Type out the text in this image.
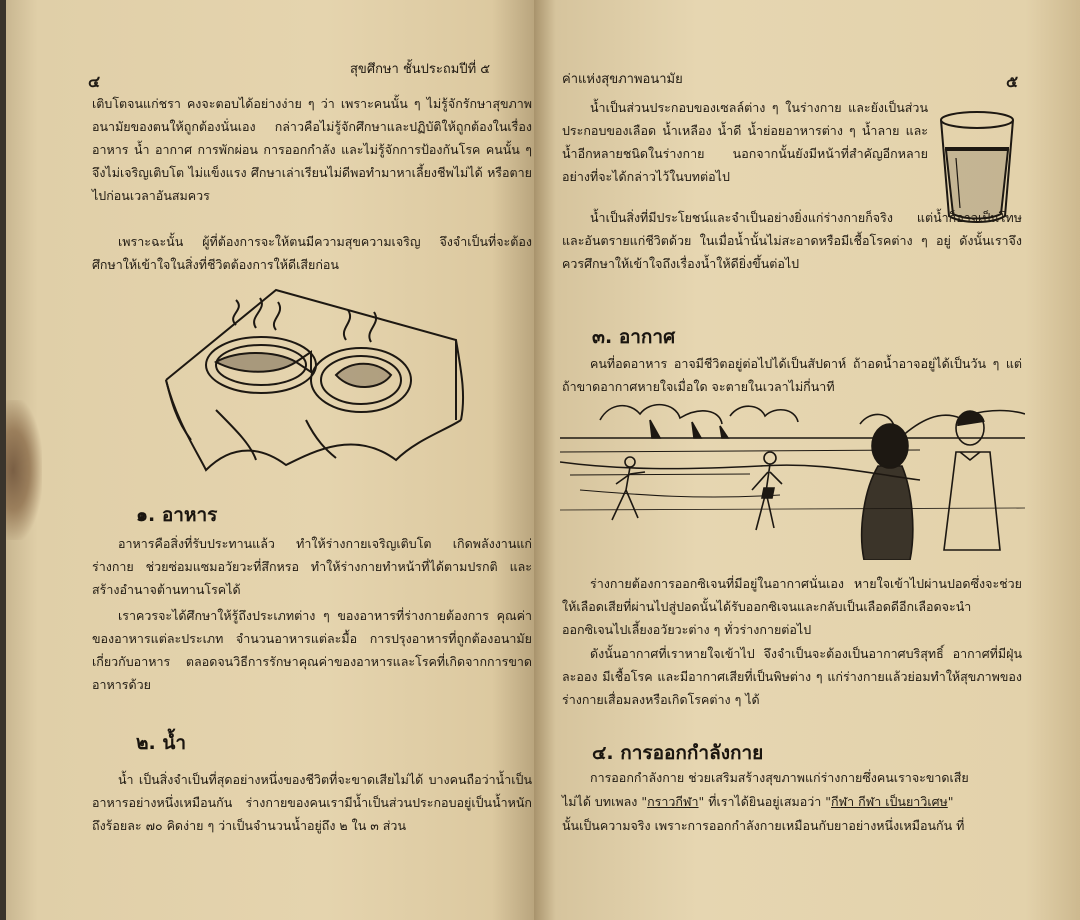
๔
สุขศึกษา ชั้นประถมปีที่ ๕
เติบโตจนแก่ชรา คงจะตอบได้อย่างง่าย ๆ ว่า เพราะคนนั้น ๆ ไม่รู้จักรักษาสุขภาพอนามัยของตนให้ถูกต้องนั่นเอง กล่าวคือไม่รู้จักศึกษาและปฏิบัติให้ถูกต้องในเรื่อง อาหาร น้ำ อากาศ การพักผ่อน การออกกำลัง และไม่รู้จักการป้องกันโรค คนนั้น ๆ จึงไม่เจริญเติบโต ไม่แข็งแรง ศึกษาเล่าเรียนไม่ดีพอทำมาหาเลี้ยงชีพไม่ได้ หรือตายไปก่อนเวลาอันสมควร
เพราะฉะนั้น ผู้ที่ต้องการจะให้ตนมีความสุขความเจริญ จึงจำเป็นที่จะต้องศึกษาให้เข้าใจในสิ่งที่ชีวิตต้องการให้ดีเสียก่อน
๑. อาหาร
อาหารคือสิ่งที่รับประทานแล้ว ทำให้ร่างกายเจริญเติบโต เกิดพลังงานแก่ร่างกาย ช่วยซ่อมแซมอวัยวะที่สึกหรอ ทำให้ร่างกายทำหน้าที่ได้ตามปรกติ และสร้างอำนาจต้านทานโรคได้
เราควรจะได้ศึกษาให้รู้ถึงประเภทต่าง ๆ ของอาหารที่ร่างกายต้องการ คุณค่าของอาหารแต่ละประเภท จำนวนอาหารแต่ละมื้อ การปรุงอาหารที่ถูกต้องอนามัยเกี่ยวกับอาหาร ตลอดจนวิธีการรักษาคุณค่าของอาหารและโรคที่เกิดจากการขาดอาหารด้วย
๒. น้ำ
น้ำ เป็นสิ่งจำเป็นที่สุดอย่างหนึ่งของชีวิตที่จะขาดเสียไม่ได้ บางคนถือว่าน้ำเป็นอาหารอย่างหนึ่งเหมือนกัน ร่างกายของคนเรามีน้ำเป็นส่วนประกอบอยู่เป็นน้ำหนักถึงร้อยละ ๗๐ คิดง่าย ๆ ว่าเป็นจำนวนน้ำอยู่ถึง ๒ ใน ๓ ส่วน
ค่าแห่งสุขภาพอนามัย	๕
น้ำเป็นส่วนประกอบของเซลล์ต่าง ๆ ในร่างกาย และยังเป็นส่วนประกอบของเลือด น้ำเหลือง น้ำดี น้ำย่อยอาหารต่าง ๆ น้ำลาย และน้ำอีกหลายชนิดในร่างกาย นอกจากนั้นยังมีหน้าที่สำคัญอีกหลายอย่างที่จะได้กล่าวไว้ในบทต่อไป
น้ำเป็นสิ่งที่มีประโยชน์และจำเป็นอย่างยิ่งแก่ร่างกายก็จริง แต่น้ำก็อาจเป็นโทษและอันตรายแก่ชีวิตด้วย ในเมื่อน้ำนั้นไม่สะอาดหรือมีเชื้อโรคต่าง ๆ อยู่ ดังนั้นเราจึงควรศึกษาให้เข้าใจถึงเรื่องน้ำให้ดียิ่งขึ้นต่อไป
๓. อากาศ
คนที่อดอาหาร อาจมีชีวิตอยู่ต่อไปได้เป็นสัปดาห์ ถ้าอดน้ำอาจอยู่ได้เป็นวัน ๆ แต่ถ้าขาดอากาศหายใจเมื่อใด จะตายในเวลาไม่กี่นาที
ร่างกายต้องการออกซิเจนที่มีอยู่ในอากาศนั่นเอง หายใจเข้าไปผ่านปอดซึ่งจะช่วยให้เลือดเสียที่ผ่านไปสู่ปอดนั้นได้รับออกซิเจนและกลับเป็นเลือดดีอีกเลือดจะนำออกซิเจนไปเลี้ยงอวัยวะต่าง ๆ ทั่วร่างกายต่อไป
ดังนั้นอากาศที่เราหายใจเข้าไป จึงจำเป็นจะต้องเป็นอากาศบริสุทธิ์ อากาศที่มีฝุ่นละออง มีเชื้อโรค และมีอากาศเสียที่เป็นพิษต่าง ๆ แก่ร่างกายแล้วย่อมทำให้สุขภาพของร่างกายเสื่อมลงหรือเกิดโรคต่าง ๆ ได้
๔. การออกกำลังกาย
การออกกำลังกาย ช่วยเสริมสร้างสุขภาพแก่ร่างกายซึ่งคนเราจะขาดเสีย
ไม่ได้ บทเพลง "กราวกีฬา" ที่เราได้ยินอยู่เสมอว่า "กีฬา กีฬา เป็นยาวิเศษ"
นั้นเป็นความจริง เพราะการออกกำลังกายเหมือนกับยาอย่างหนึ่งเหมือนกัน ที่
